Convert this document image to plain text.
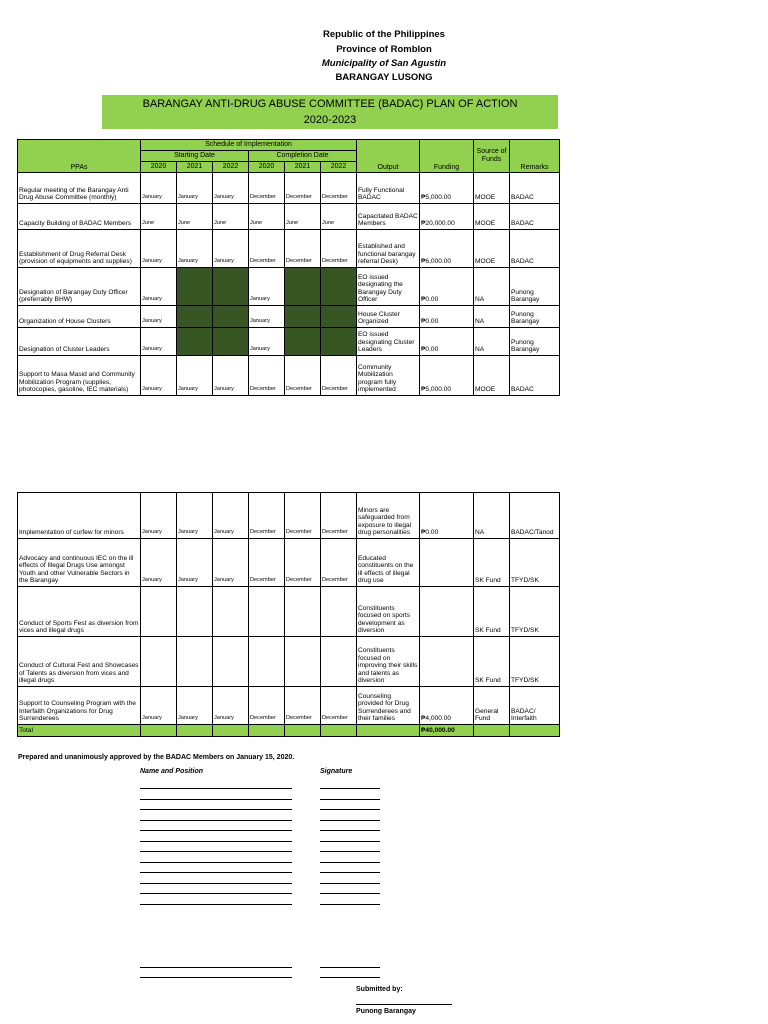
Republic of the Philippines
Province of Romblon
Municipality of San Agustin
BARANGAY LUSONG
BARANGAY ANTI-DRUG ABUSE COMMITTEE (BADAC) PLAN OF ACTION
2020-2023
PPAs	Schedule of Implementation						Output	Funding	Source of Funds	Remarks
	Starting Date			Completion Date						
	2020	2021	2022	2020	2021	2022				
Regular meeting of the Barangay Anti Drug Abuse Committee (monthly)	January	January	January	December	December	December	Fully Functional BADAC	₱5,000.00	MOOE	BADAC
Capacity Building of BADAC Members	June	June	June	June	June	June	Capacitated BADAC Members	₱20,000.00	MOOE	BADAC
Establishment of Drug Referral Desk (provision of equipments and supplies)	January	January	January	December	December	December	Established and functional barangay referral Desk)	₱6,000.00	MOOE	BADAC
Designation of Barangay Duty Officer (preferrably BHW)	January			January			EO issued designating the Barangay Duty Officer	₱0.00	NA	Punong Barangay
Organization of House Clusters	January			January			House Cluster Organized	₱0.00	NA	Punong Barangay
Designation of Cluster Leaders	January			January			EO issued designating Cluster Leaders	₱0.00	NA	Punong Barangay
Support to Masa Masid and Community Mobilization Program (supplies, photocopies, gasoline, IEC materials)	January	January	January	December	December	December	Community Mobilization program fully implemented	₱5,000.00	MOOE	BADAC
Implementation of curfew for minors	January	January	January	December	December	December	Minors are safeguarded from exposure to illegal drug personalities	₱0.00	NA	BADAC/Tanod
Advocacy and continuous IEC on the ill effects of Illegal Drugs Use amongst Youth and other Vulnerable Sectors in the Barangay	January	January	January	December	December	December	Educated constituents on the ill effects of illegal drug use		SK Fund	TFYD/SK
Conduct of Sports Fest as diversion from vices and illegal drugs							Constituents focused on sports development as diversion		SK Fund	TFYD/SK
Conduct of Cultural Fest and Showcases of Talents as diversion from vices and illegal drugs							Constituents focused on improving their skills and talents as diversion		SK Fund	TFYD/SK
Support to Counseling Program with the Interfaith Organizations for Drug Surrenderees	January	January	January	December	December	December	Counseling provided for Drug Surrenderees and their families	₱4,000.00	General Fund	BADAC/ Interfaith
Total								₱40,000.00		
Prepared and unanimously approved by the BADAC Members on January 15, 2020.
Name and Position	Signature
Submitted by:
Punong Barangay
